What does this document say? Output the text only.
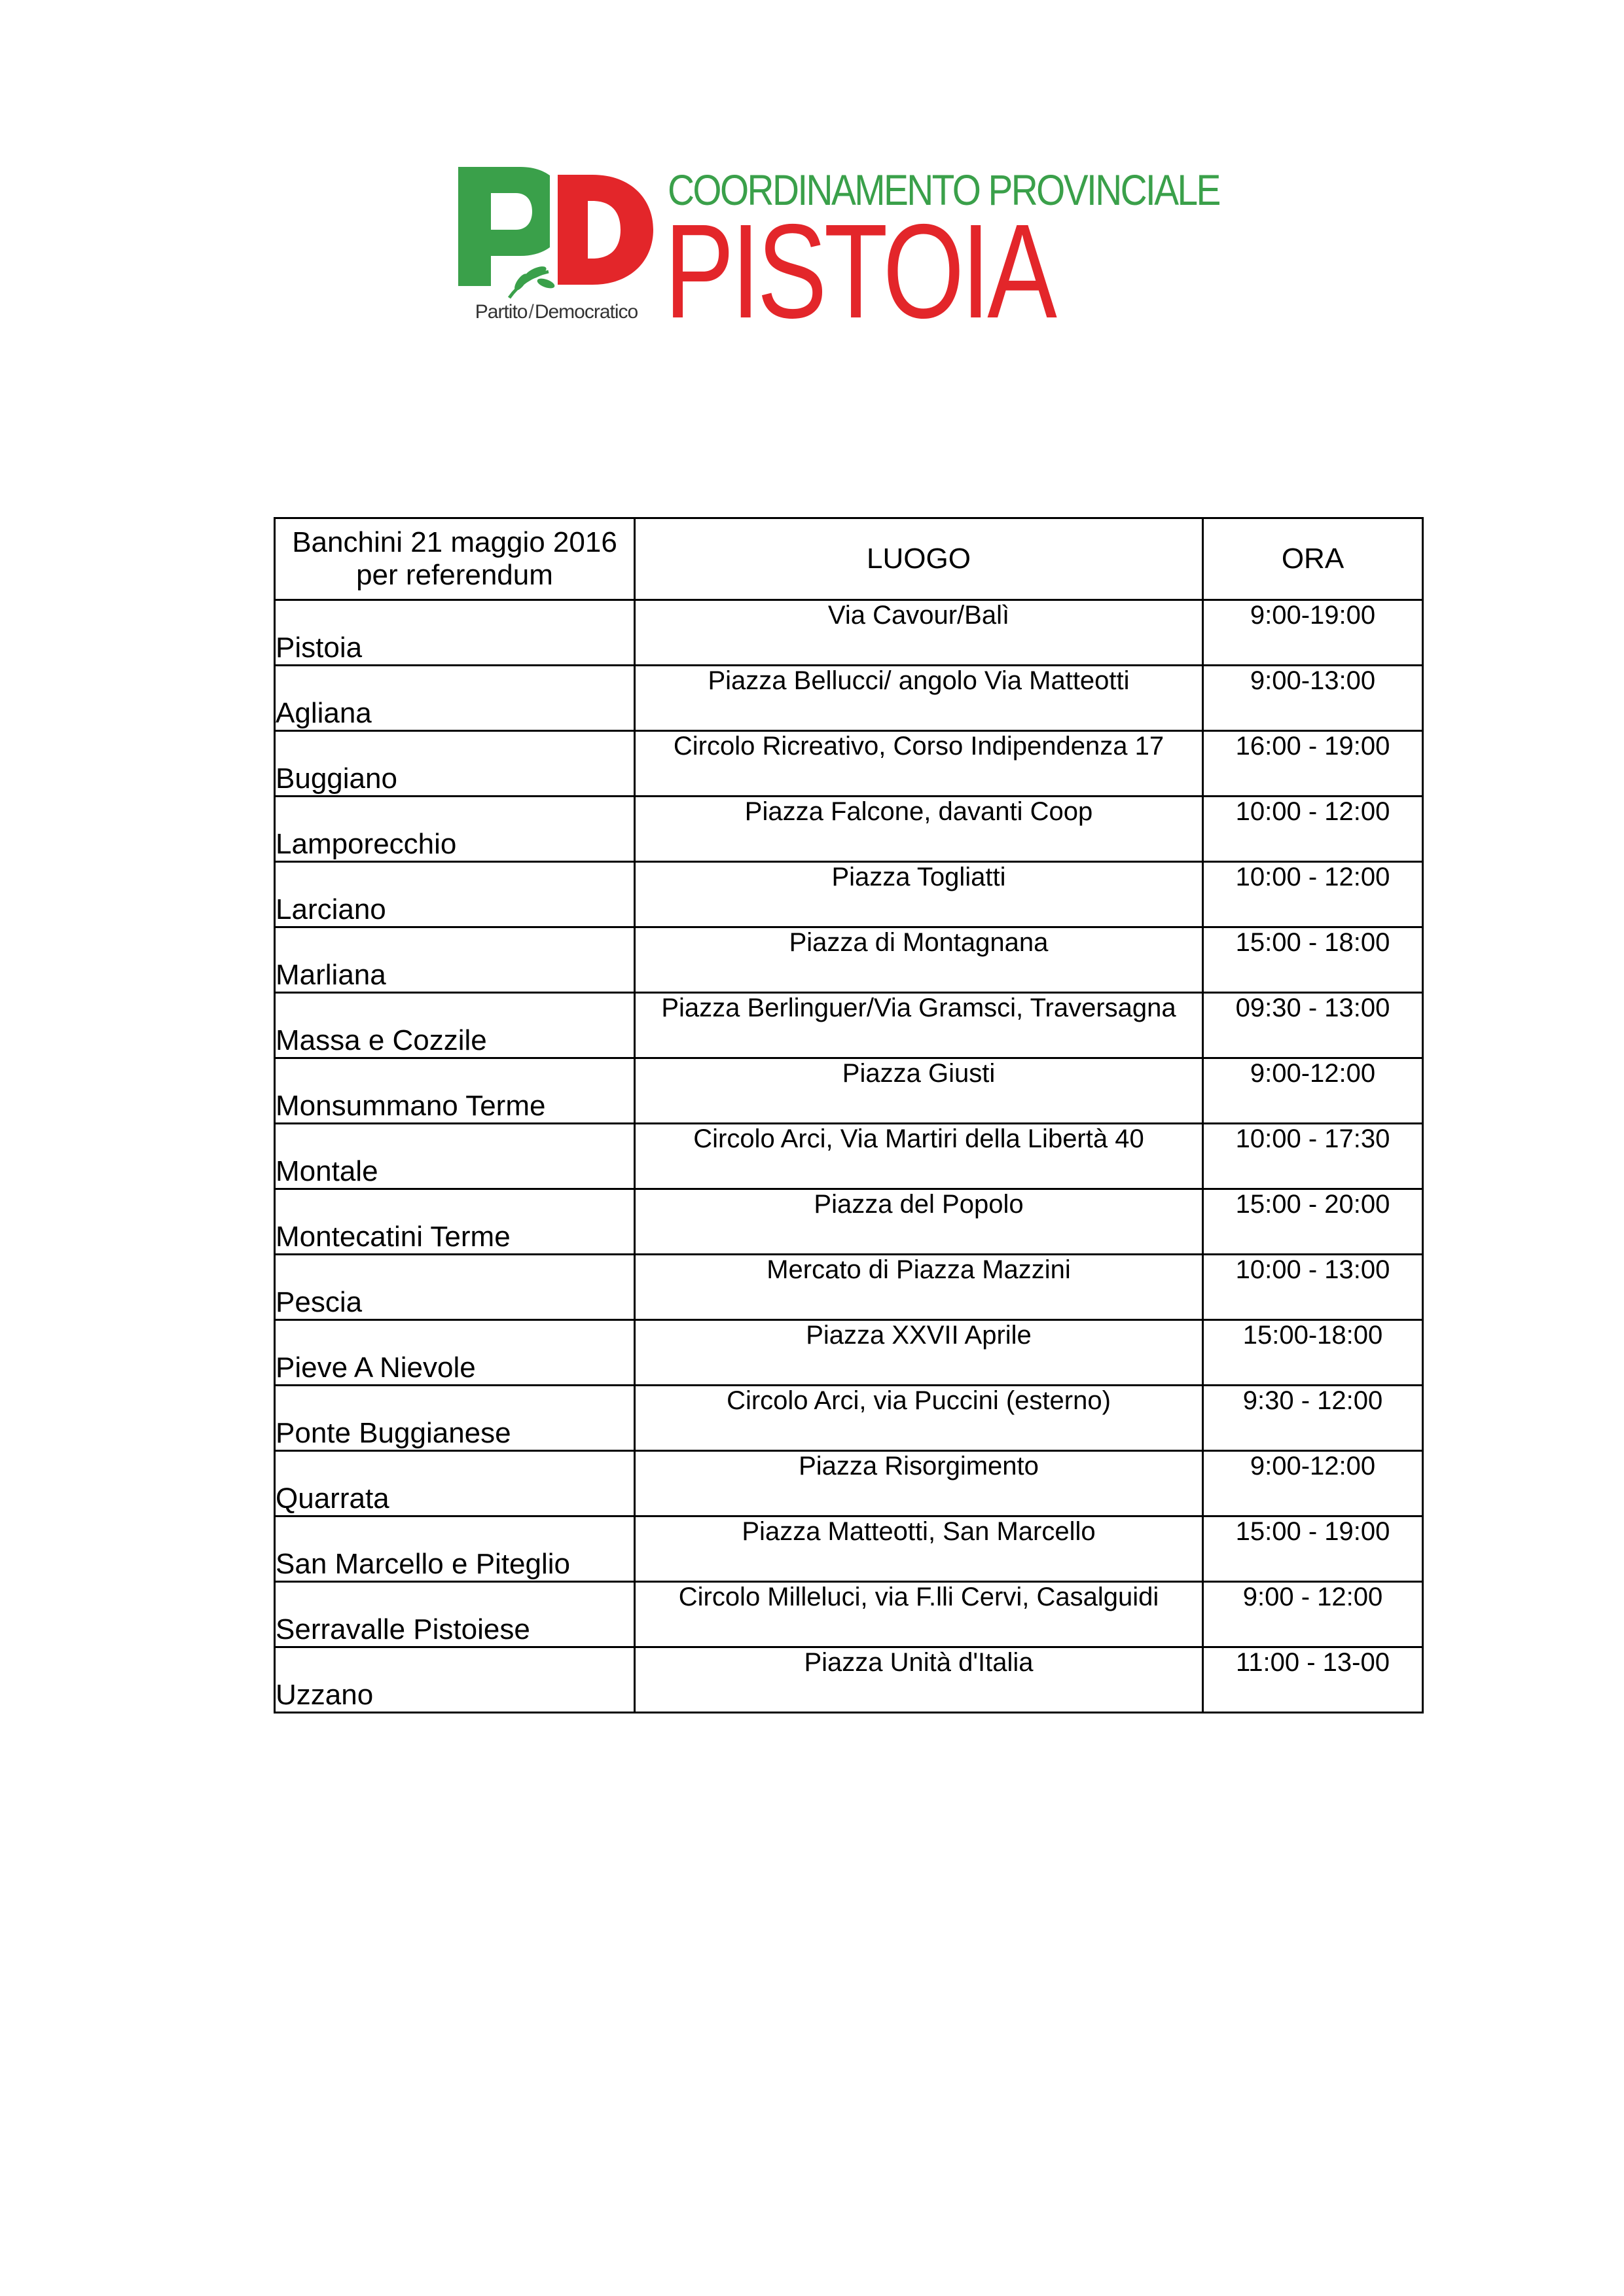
Partito/Democratico
COORDINAMENTO PROVINCIALE
PISTOIA
Banchini 21 maggio 2016 per referendum	LUOGO	ORA
Pistoia	Via Cavour/Balì	9:00-19:00
Agliana	Piazza Bellucci/ angolo Via Matteotti	9:00-13:00
Buggiano	Circolo Ricreativo, Corso Indipendenza 17	16:00 - 19:00
Lamporecchio	Piazza Falcone, davanti Coop	10:00 - 12:00
Larciano	Piazza Togliatti	10:00 - 12:00
Marliana	Piazza di Montagnana	15:00 - 18:00
Massa e Cozzile	Piazza Berlinguer/Via Gramsci, Traversagna	09:30 - 13:00
Monsummano Terme	Piazza Giusti	9:00-12:00
Montale	Circolo Arci, Via Martiri della Libertà 40	10:00 - 17:30
Montecatini Terme	Piazza del Popolo	15:00 - 20:00
Pescia	Mercato di Piazza Mazzini	10:00 - 13:00
Pieve A Nievole	Piazza XXVII Aprile	15:00-18:00
Ponte Buggianese	Circolo Arci, via Puccini (esterno)	9:30 - 12:00
Quarrata	Piazza Risorgimento	9:00-12:00
San Marcello e Piteglio	Piazza Matteotti, San Marcello	15:00 - 19:00
Serravalle Pistoiese	Circolo Milleluci, via F.lli Cervi, Casalguidi	9:00 - 12:00
Uzzano	Piazza Unità d'Italia	11:00 - 13-00
